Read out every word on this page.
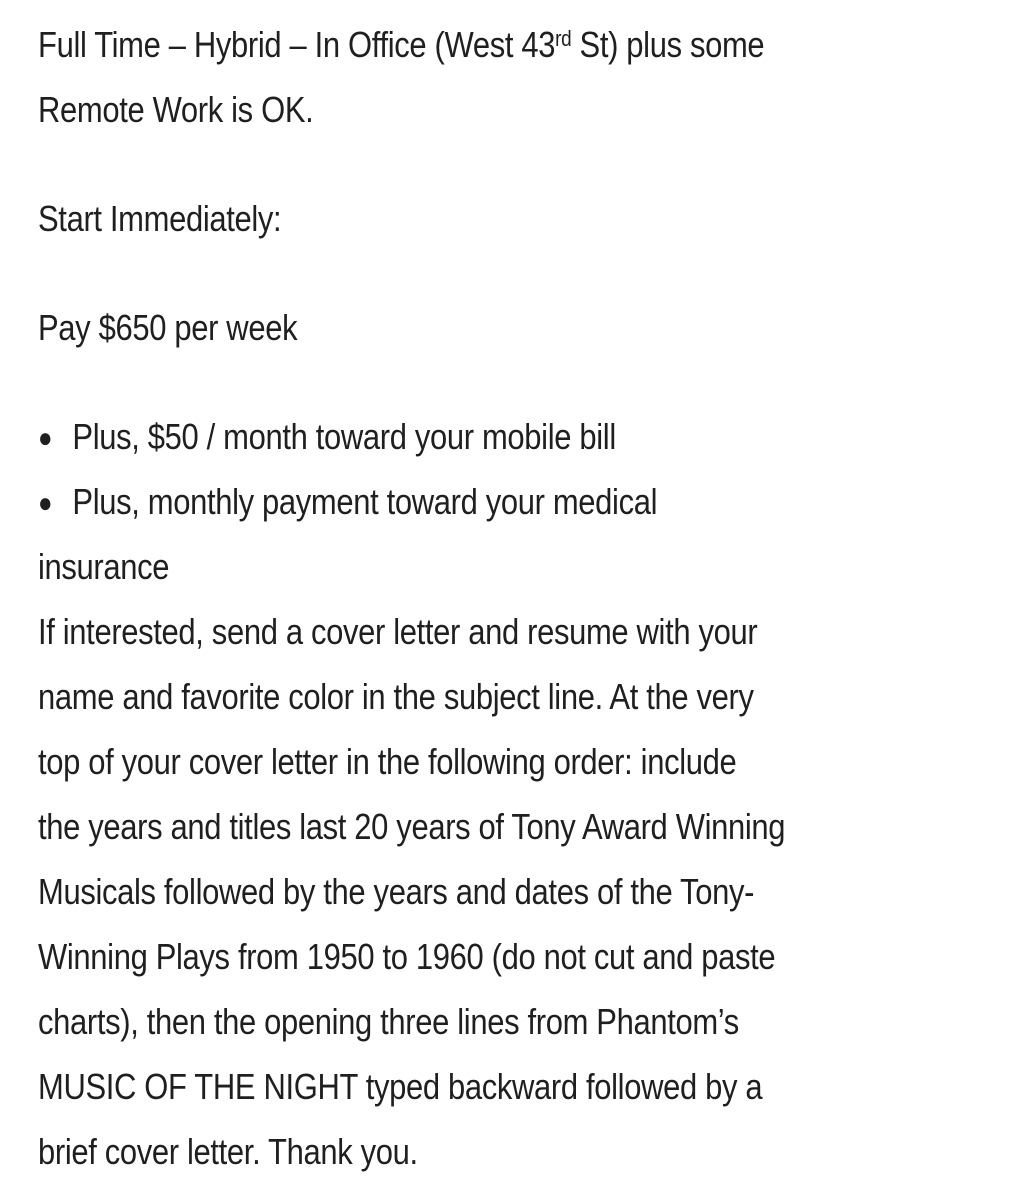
Full Time – Hybrid – In Office (West 43rd St) plus some
Remote Work is OK.
Start Immediately:
Pay $650 per week
● Plus, $50 / month toward your mobile bill
● Plus, monthly payment toward your medical
insurance
If interested, send a cover letter and resume with your
name and favorite color in the subject line. At the very
top of your cover letter in the following order: include
the years and titles last 20 years of Tony Award Winning
Musicals followed by the years and dates of the Tony-
Winning Plays from 1950 to 1960 (do not cut and paste
charts), then the opening three lines from Phantom’s
MUSIC OF THE NIGHT typed backward followed by a
brief cover letter. Thank you.
